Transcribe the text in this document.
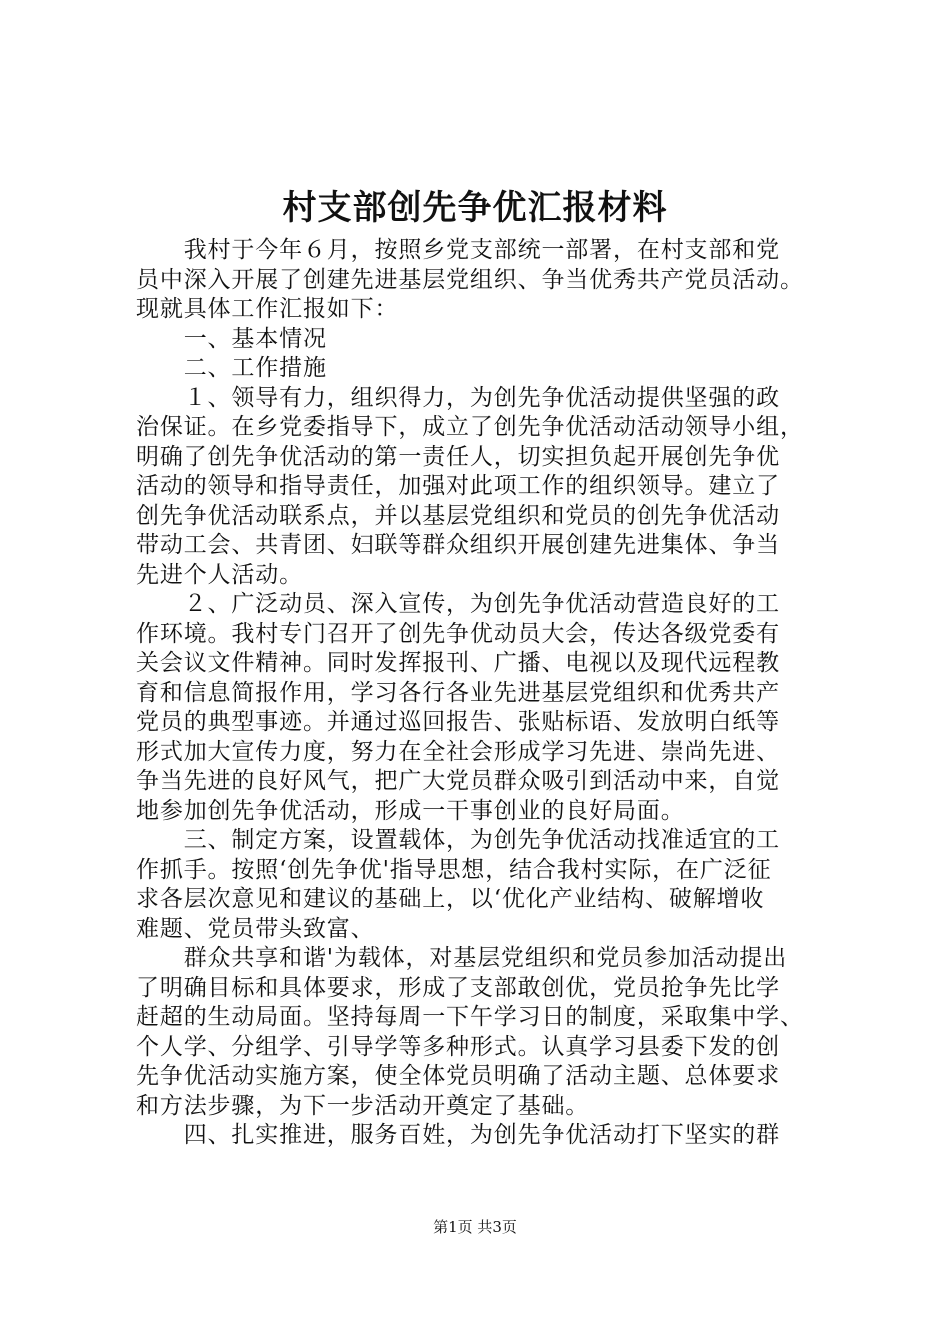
村支部创先争优汇报材料
　　我村于今年６月，按照乡党支部统一部署，在村支部和党
员中深入开展了创建先进基层党组织、争当优秀共产党员活动。
现就具体工作汇报如下：
　　一、基本情况
　　二、工作措施
　　１、领导有力，组织得力，为创先争优活动提供坚强的政
治保证。在乡党委指导下，成立了创先争优活动活动领导小组，
明确了创先争优活动的第一责任人，切实担负起开展创先争优
活动的领导和指导责任，加强对此项工作的组织领导。建立了
创先争优活动联系点，并以基层党组织和党员的创先争优活动
带动工会、共青团、妇联等群众组织开展创建先进集体、争当
先进个人活动。
　　２、广泛动员、深入宣传，为创先争优活动营造良好的工
作环境。我村专门召开了创先争优动员大会，传达各级党委有
关会议文件精神。同时发挥报刊、广播、电视以及现代远程教
育和信息简报作用，学习各行各业先进基层党组织和优秀共产
党员的典型事迹。并通过巡回报告、张贴标语、发放明白纸等
形式加大宣传力度，努力在全社会形成学习先进、崇尚先进、
争当先进的良好风气，把广大党员群众吸引到活动中来，自觉
地参加创先争优活动，形成一干事创业的良好局面。
　　三、制定方案，设置载体，为创先争优活动找准适宜的工
作抓手。按照‘创先争优'指导思想，结合我村实际，在广泛征
求各层次意见和建议的基础上，以‘优化产业结构、破解增收
难题、党员带头致富、
　　群众共享和谐'为载体，对基层党组织和党员参加活动提出
了明确目标和具体要求，形成了支部敢创优，党员抢争先比学
赶超的生动局面。坚持每周一下午学习日的制度，采取集中学、
个人学、分组学、引导学等多种形式。认真学习县委下发的创
先争优活动实施方案，使全体党员明确了活动主题、总体要求
和方法步骤，为下一步活动开奠定了基础。
　　四、扎实推进，服务百姓，为创先争优活动打下坚实的群
第1页 共3页
